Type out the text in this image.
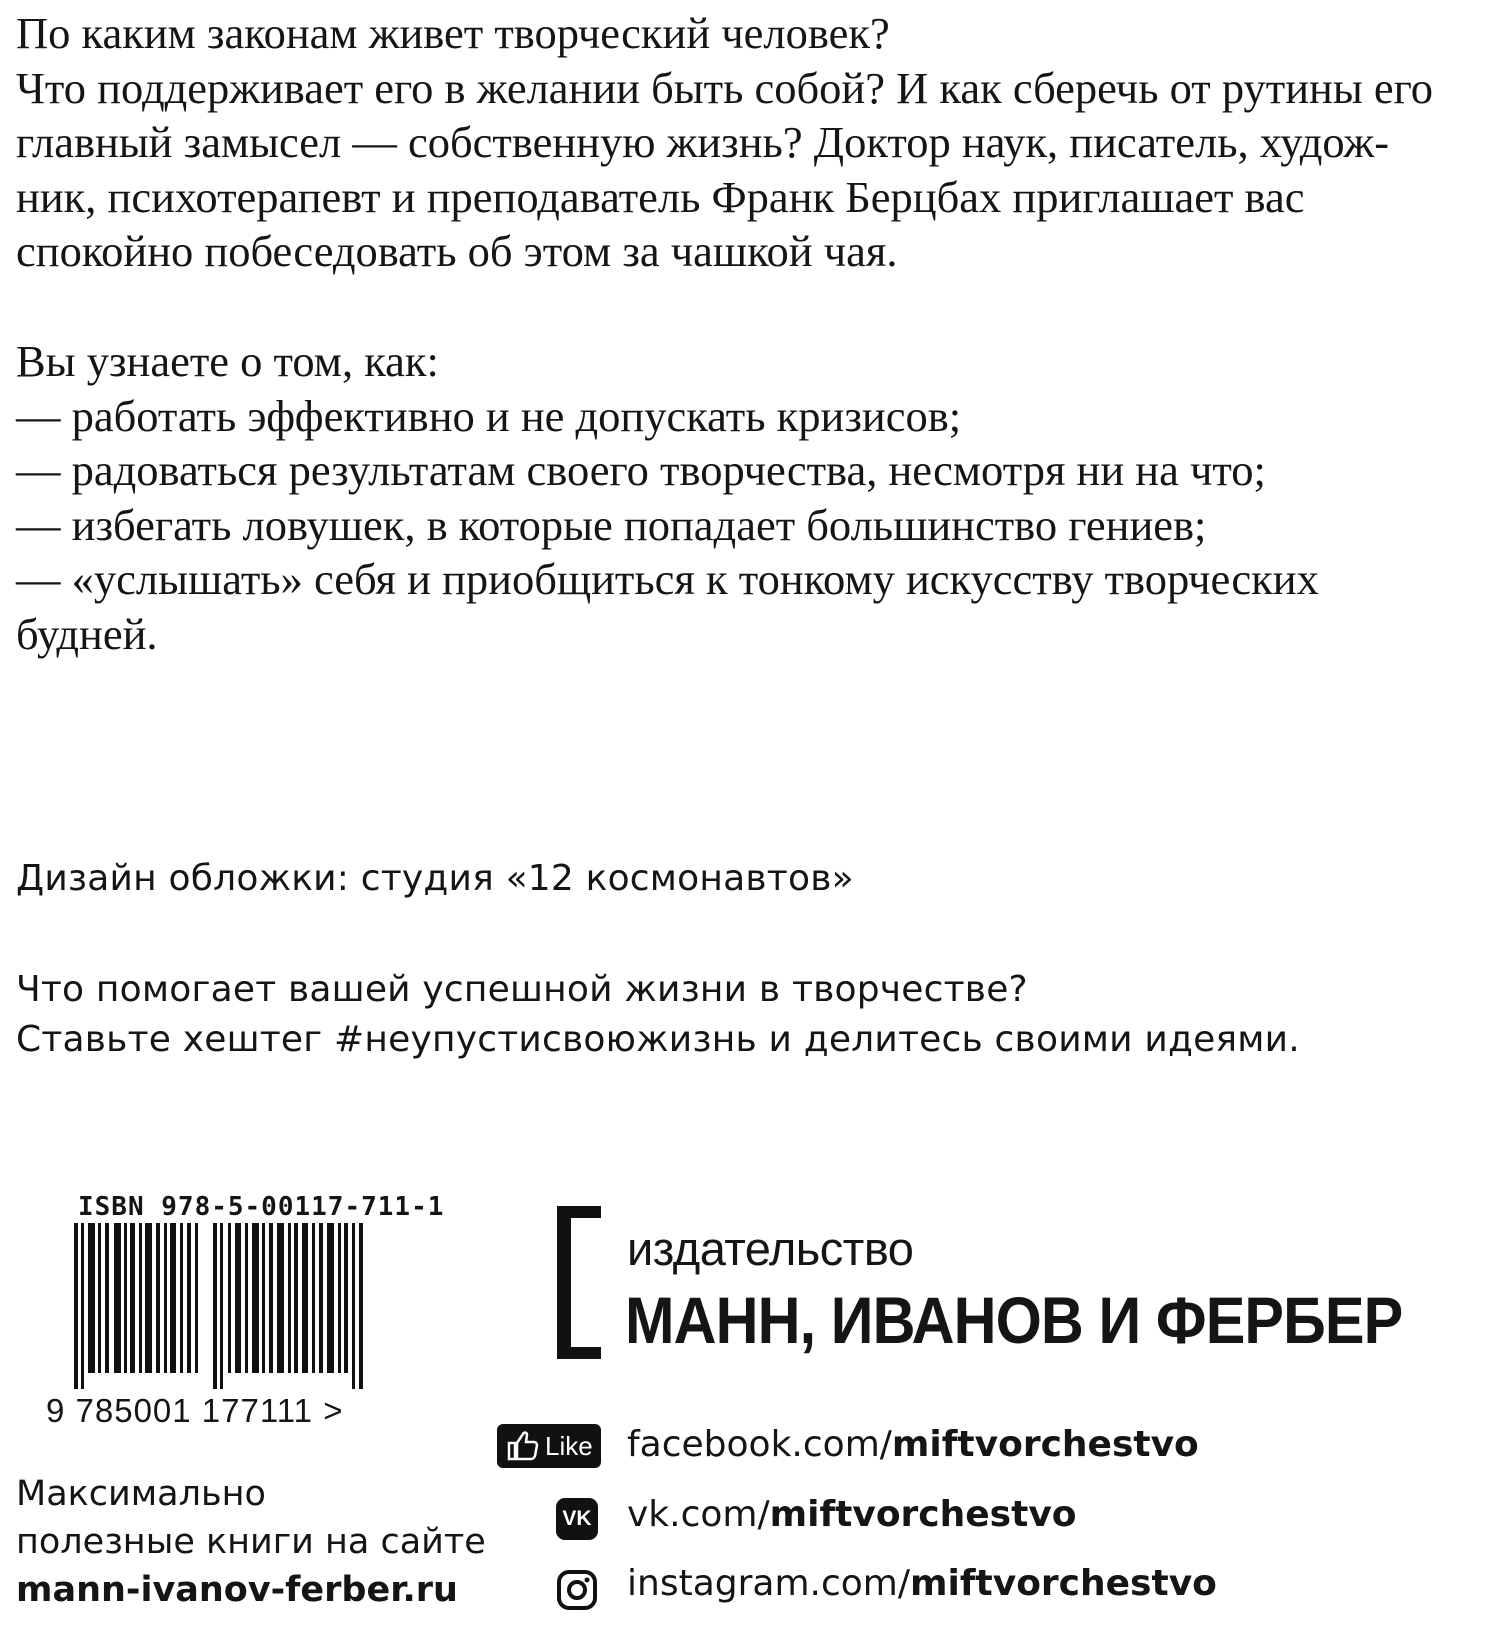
По каким законам живет творческий человек?
Что поддерживает его в желании быть собой? И как сберечь от рутины его
главный замысел — собственную жизнь? Доктор наук, писатель, худож-
ник, психотерапевт и преподаватель Франк Берцбах приглашает вас
спокойно побеседовать об этом за чашкой чая.
Вы узнаете о том, как:
— работать эффективно и не допускать кризисов;
— радоваться результатам своего творчества, несмотря ни на что;
— избегать ловушек, в которые попадает большинство гениев;
— «услышать» себя и приобщиться к тонкому искусству творческих
будней.
Дизайн обложки: студия «12 космонавтов»
Что помогает вашей успешной жизни в творчестве?
Ставьте хештег #неупустисвоюжизнь и делитесь своими идеями.
ISBN 978-5-00117-711-1
9 785001 177111 >
Максимально
полезные книги на сайте
mann-ivanov-ferber.ru
издательство
МАНН, ИВАНОВ И ФЕРБЕР
Like facebook.com/miftvorchestvo
VK vk.com/miftvorchestvo
instagram.com/miftvorchestvo
